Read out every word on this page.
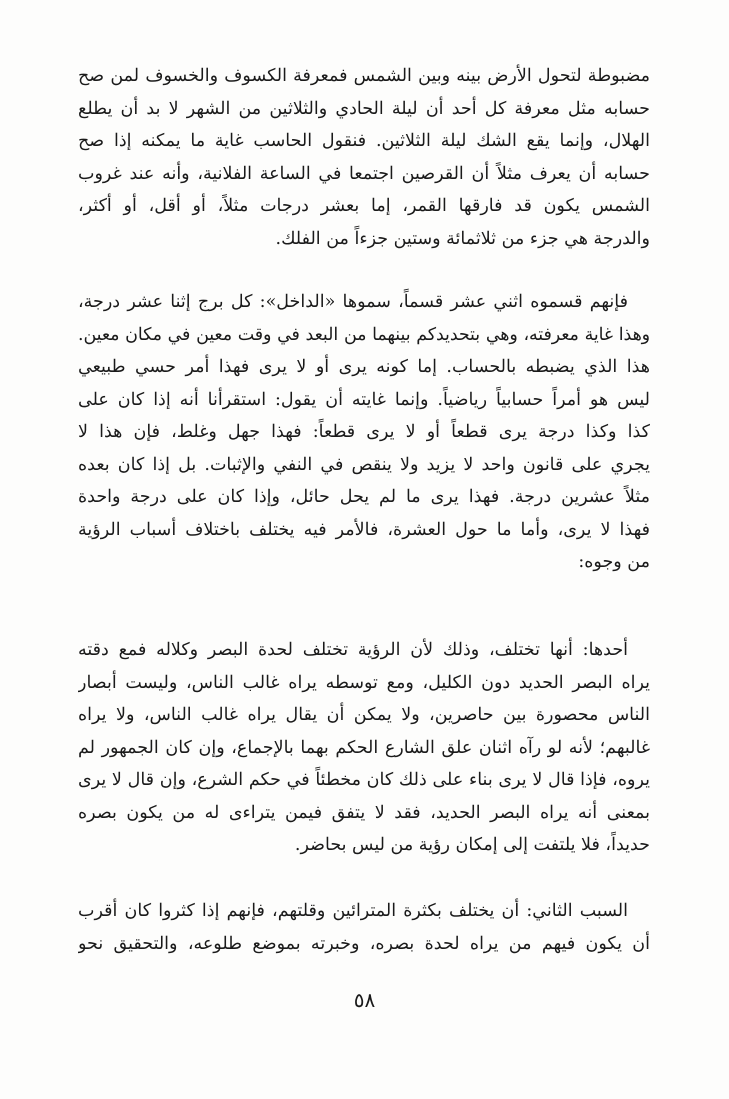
مضبوطة لتحول الأرض بينه وبين الشمس فمعرفة الكسوف والخسوف لمن صح
حسابه مثل معرفة كل أحد أن ليلة الحادي والثلاثين من الشهر لا بد أن يطلع
الهلال، وإنما يقع الشك ليلة الثلاثين. فنقول الحاسب غاية ما يمكنه إذا صح
حسابه أن يعرف مثلاً أن القرصين اجتمعا في الساعة الفلانية، وأنه عند غروب
الشمس يكون قد فارقها القمر، إما بعشر درجات مثلاً، أو أقل، أو أكثر،
والدرجة هي جزء من ثلاثمائة وستين جزءاً من الفلك.
فإنهم قسموه اثني عشر قسماً، سموها «الداخل»: كل برج إثنا عشر درجة،
وهذا غاية معرفته، وهي بتحديدكم بينهما من البعد في وقت معين في مكان معين.
هذا الذي يضبطه بالحساب. إما كونه يرى أو لا يرى فهذا أمر حسي طبيعي
ليس هو أمراً حسابياً رياضياً. وإنما غايته أن يقول: استقرأنا أنه إذا كان على
كذا وكذا درجة يرى قطعاً أو لا يرى قطعاً: فهذا جهل وغلط، فإن هذا لا
يجري على قانون واحد لا يزيد ولا ينقص في النفي والإثبات. بل إذا كان بعده
مثلاً عشرين درجة. فهذا يرى ما لم يحل حائل، وإذا كان على درجة واحدة
فهذا لا يرى، وأما ما حول العشرة، فالأمر فيه يختلف باختلاف أسباب الرؤية
من وجوه:
أحدها: أنها تختلف، وذلك لأن الرؤية تختلف لحدة البصر وكلاله فمع دقته
يراه البصر الحديد دون الكليل، ومع توسطه يراه غالب الناس، وليست أبصار
الناس محصورة بين حاصرين، ولا يمكن أن يقال يراه غالب الناس، ولا يراه
غالبهم؛ لأنه لو رآه اثنان علق الشارع الحكم بهما بالإجماع، وإن كان الجمهور لم
يروه، فإذا قال لا يرى بناء على ذلك كان مخطئاً في حكم الشرع، وإن قال لا يرى
بمعنى أنه يراه البصر الحديد، فقد لا يتفق فيمن يتراءى له من يكون بصره
حديداً، فلا يلتفت إلى إمكان رؤية من ليس بحاضر.
السبب الثاني: أن يختلف بكثرة المترائين وقلتهم، فإنهم إذا كثروا كان أقرب
أن يكون فيهم من يراه لحدة بصره، وخبرته بموضع طلوعه، والتحقيق نحو
٥٨
